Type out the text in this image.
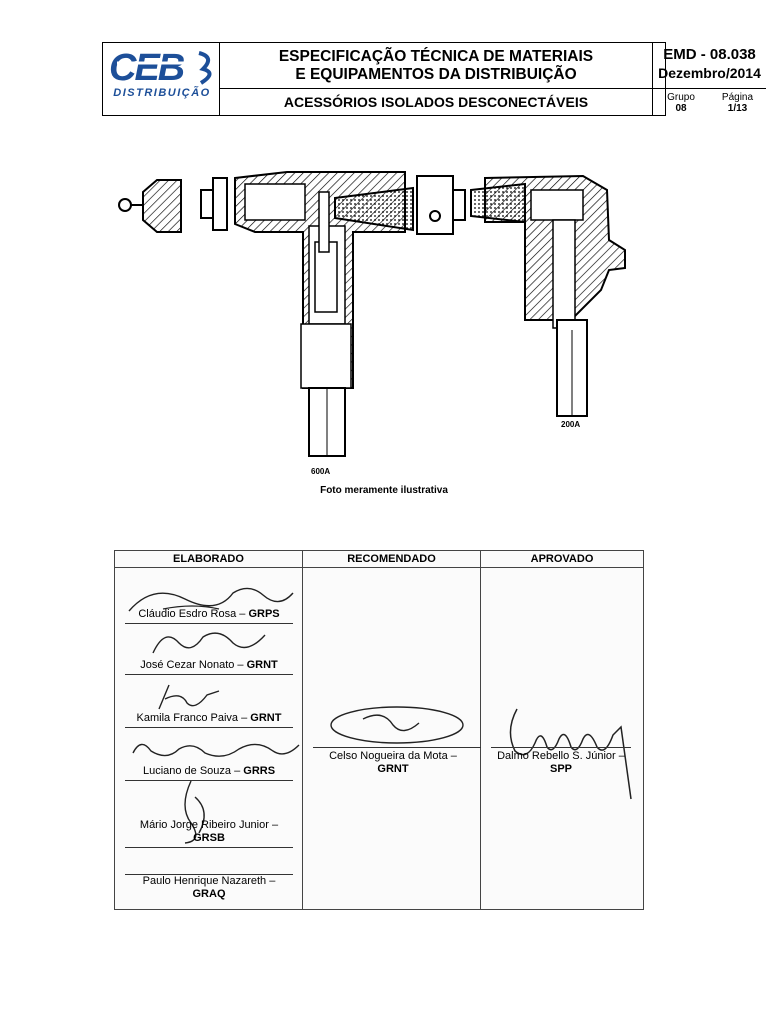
CEB
DISTRIBUIÇÃO
ESPECIFICAÇÃO TÉCNICA DE MATERIAIS
E EQUIPAMENTOS DA DISTRIBUIÇÃO
ACESSÓRIOS ISOLADOS DESCONECTÁVEIS
EMD - 08.038
Dezembro/2014
Grupo
08
Página
1/13
600A
200A
Foto meramente ilustrativa
ELABORADO
Cláudio Esdro Rosa – GRPS
José Cezar Nonato – GRNT
Kamila Franco Paiva – GRNT
Luciano de Souza – GRRS
Mário Jorge Ribeiro Junior –
GRSB
Paulo Henrique Nazareth –
GRAQ
RECOMENDADO
Celso Nogueira da Mota –
GRNT
APROVADO
Dalmo Rebello S. Júnior –
SPP
